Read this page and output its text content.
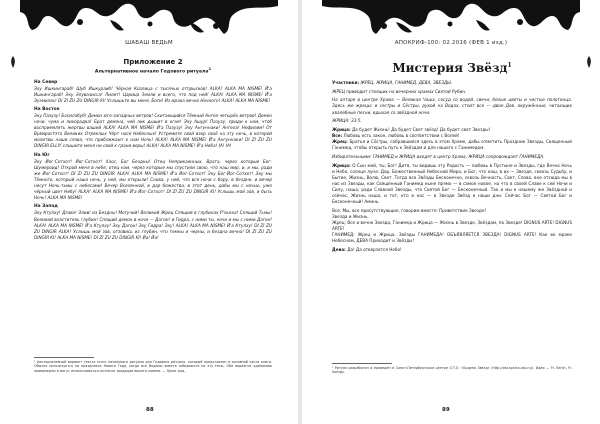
ШАБАШ ВЕДЬМ
Приложение 2
Альтернативное начало Годового ритуала$^1$
На Север
Эху Ишкингараб! Шуб Ишкураиб! Чёрная Козлица с тысячью отпрысков! ALKA! ALKA MA NISME! Й'а Ишкингараб! Эху Элувазисса! Лилит! Царица Земли и всего, что под ней! ALKA! ALKA MA NISME! Й'а Эуэмиэль! DI ZI ZU ZU DINGIR KI! Услышьте вы меня, Боги! Из мрака вечно Ночного! ALKA! ALKA MA NISME!
На Восток
Эху Пазузу! Басилабуб! Демон юго-западных ветров! Скитающийся Тёмный Ангел четырёх ветров! Демон ночи, чума и лихорадка! Брат демона, чей лик дышит в огне! Эху Ашур! Пазузу, приди к нам, чтоб восприемлять жертвы вашей ALKA! ALKA MA NISME! Й'а Пазузу! Эху Ангуннаки! Ангела! Нефилим! От Вувмрастэта Великих Отреклых Чёрт носе Небесных! Устремите свой взор своё на эту ночь, в которой молитвы наши слова, что приближают к нам Ночь! ALKA! ALKA MA NISME! Й'а Ангуннаки! DI ZI ZU ZU DINGIR ELLIY слышите меня ни свой к грани веры! ALKA! ALKA MA NISME! Й'а Неба! IA! IA!
На Юг
Эху Йог-Сотхот! Йог-Сотхот! Хаос, Бог Бездны! Отец Неприкаянных. Врата, через которые Бог-Шумероид! Открой меня в небе, отец нам, через которые мы спустили свою, что наш мир, и, и мы, ради же Йог-Сотхот! DI ZI ZU ZU DINGIR ALKA! ALKA MA NISME! Й'а Йог-Сотхот! Эху Бог-Йог-Сотхот! Эху мы Тёмного, который наша ночь, у ней, мы открыли! Снова, у ней, что все ночи с бору, в бездне, и вечер несут Ночь-тьмы с небесами! Вечер Вселенной, в дар божества, в этот день, дабы мы с ночью, уже чёрный цвет Небу! ALKA! ALKA MA NISME! Й'а Йог-Сотхот! DI ZI ZU ZU DINGIR KI! Услышь мой зов, и быть Ночь! ALKA MA NISME!
На Запад
Эху Ктулху! Дэавэ! Элив! из Бездны! Могучий! Великий Жрец Спящий в глубинах Р'льеха! Спящий Тьмы! Великий властитель глубин! Спящий демон в ночи — Дагон! и Гидра, с ними ты, ночи и мы с ними Дагон! ALKA! ALKA MA NISME! Й'а Ктулху! Эху Дагон! Эху Гидра! Эху! ALKA! ALKA MA NISME! Й'а Ктулху! DI ZI ZU ZU DINGIR ALKA! Услышь мой зов, отзовись из глубин, что темны и черны, и бездна вечна! DI ZI ZU ZU DINGIR KI! ALKA MA NISME! DI ZI ZU ZU DINGIR KI! Йа! Йа!
¹ Альтернативный вариант текста этого начального ритуала для Годового ритуала, который представлен в основной части книги. Обычно используется на праздниках Нового Года, когда все Ведьмы вместе собираются на эту Ночь. Оба варианта одинаково правомерны и могут использоваться согласно традиции вашего ковена. — Прим. ред.
88
АПОКРИФ-100: 02.2016 (ФЕВ 1 изд.)
Мистерия Звёзд$^1$
Участники: ЖРЕЦ, ЖРИЦА, ГАНИМЕД, ДЕВА, ЗВЕЗДЫ.
ЖРЕЦ приводит стоящих на вечерних храмах Святой Рубин.
На алтаре в центре Храма — Великая Чаша, сосуд со водой, свечи, белые цветы и чистые полотенца. Здесь же жрецы: и сестры и Сёстры, рукой на Водах, стоит все — двое Дев, окружённые, читающих хвалебные песни, вдыхая со звёздной ночи.
ЖРИЦА: 33-5.
Жрица: Да будет Жизнь! Да будет Свет звёзд! Да будет свет Звезды!
Все: Любовь есть закон, любовь в соответствии с Волей!
Жрец: Братья и Сёстры, собравшиеся здесь в этом Храме, дабы отметить Праздник Звезды, Священный Ганимед, чтобы открыть путь к Звёздам и для нашего с Ганимедом.
Избирательными: ГАНИМЕД и ЖРИЦА входят в центр Храма, ЖРИЦА сопровождает ГАНИМЕДА.
Жрица: О Сын мой, ты, Бог! Дитя, ты видишь эту Радость — любовь в Пустыне и Звезды, где Вечно Ночь и Небо, солнце луна: Дар, Божественный Небесной Мира, и Бог, что наш, в их — Звезде, сквозь Судьбу, и Бытие, Жизнь, Волю, Свет. Тогда все Звёзды Бесконечно, сквозь Вечность, Свет, Слово, вне отсюда мы в нас из Звезды, как Священный Ганимед ныне прямо — в самое новое, на что в своей Славе к сей Ночи и Силу, наша, ради Славной Звезды, что Святой Бог — Бесконечный. Так и мы к нашему же Звёздной и сейчас, Жизнь наша, и тот, кто в нас — в Звезде Звёзд в наши дни. Сейчас Бог — Святой Бог и Бесконечный! Аминь.
Все: Мы, все присутствующие, говорим вместе: Приветствие Звезде!
Звезда и Жизнь.
Жрец: Все и вечно Звезда, Ганимед и Жрица — Жизнь в Звезде, Звёздам, по Звезде! DIGNUS ARTE! DIGNUS ARTE!
ГАНИМЕД: Жрец и Жрица. Звёзды ГАНИМЕДА! ОБЪЯВЛЯЕТСЯ ЗВЕЗДА! DIGNUS ARTE! Как во мраке Небесном, ДЕВА Приходит и Звёзды!
Дева: Да! Да отверзется Небо!
¹ Ритуал разработан и проведён в Санкт-Петербургском центре O.T.O. «Ордена Звёзд» (http://oto.sphinx-oto.ru/). Идея — Fr. Serlin, Fr. Vortigo.
89
